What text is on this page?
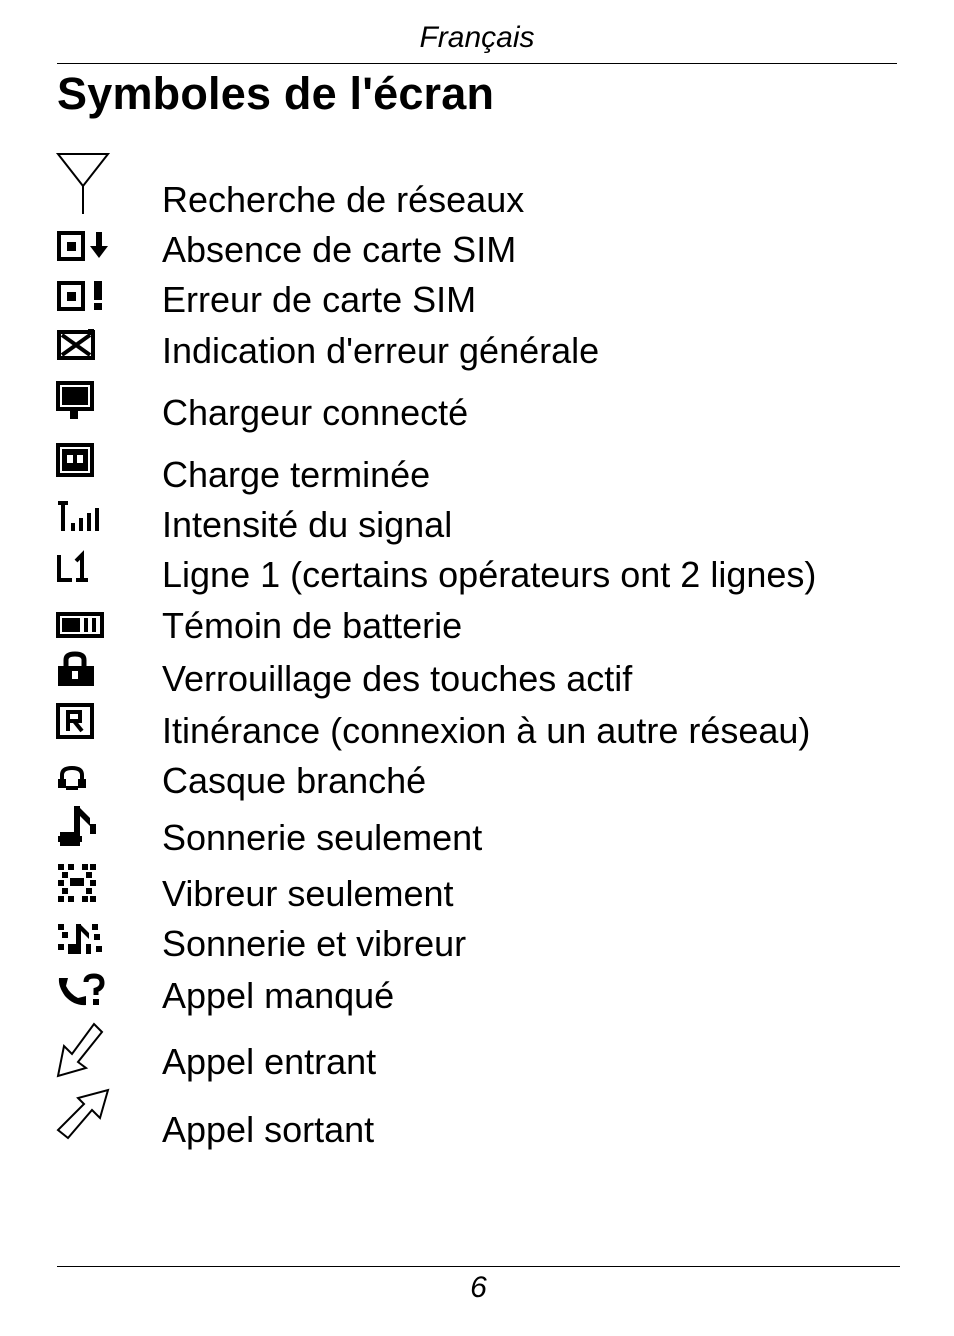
Français
Symboles de l'écran
Recherche de réseaux
Absence de carte SIM
Erreur de carte SIM
Indication d'erreur générale
Chargeur connecté
Charge terminée
Intensité du signal
Ligne 1 (certains opérateurs ont 2 lignes)
Témoin de batterie
Verrouillage des touches actif
Itinérance (connexion à un autre réseau)
Casque branché
Sonnerie seulement
Vibreur seulement
Sonnerie et vibreur
Appel manqué
Appel entrant
Appel sortant
6
